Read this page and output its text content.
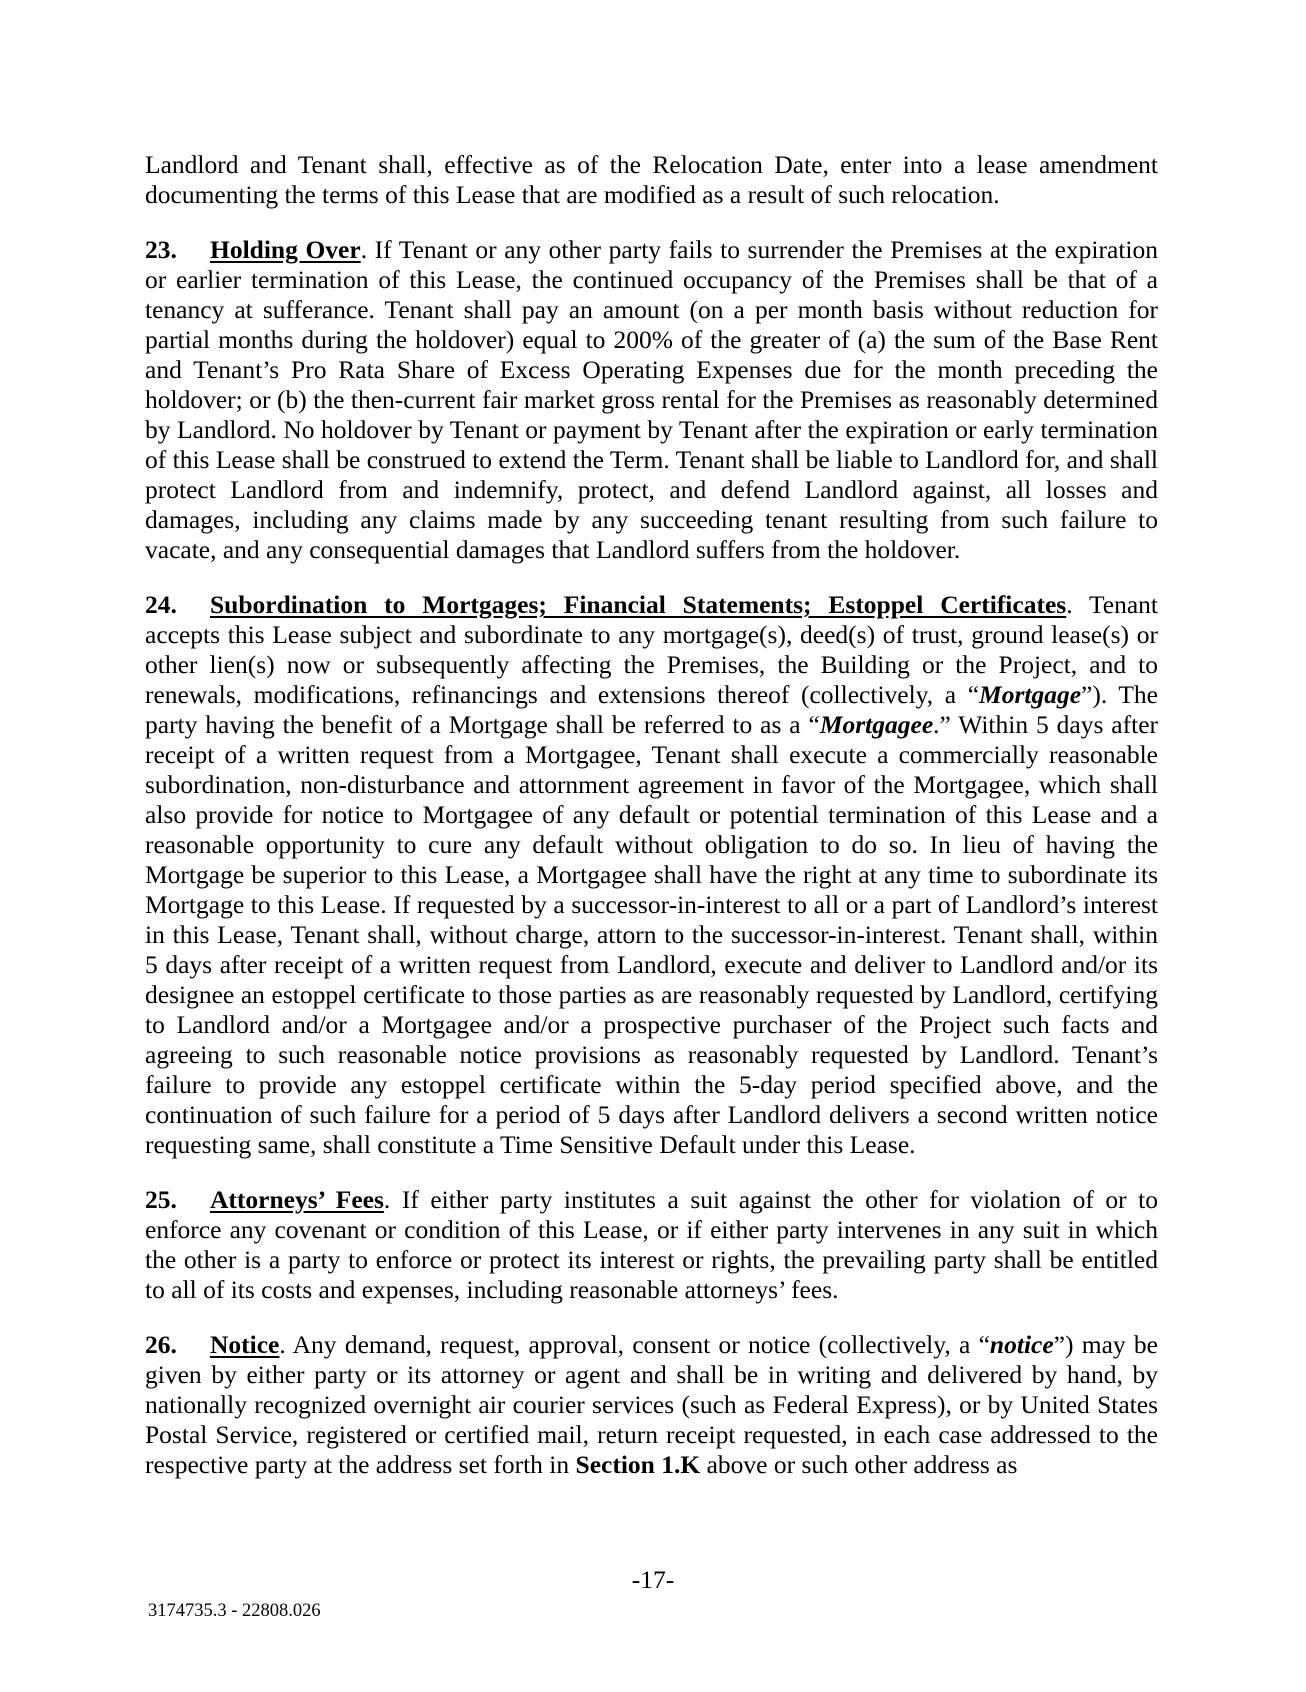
Landlord and Tenant shall, effective as of the Relocation Date, enter into a lease amendment documenting the terms of this Lease that are modified as a result of such relocation.

23. Holding Over. If Tenant or any other party fails to surrender the Premises at the expiration or earlier termination of this Lease, the continued occupancy of the Premises shall be that of a tenancy at sufferance. Tenant shall pay an amount (on a per month basis without reduction for partial months during the holdover) equal to 200% of the greater of (a) the sum of the Base Rent and Tenant’s Pro Rata Share of Excess Operating Expenses due for the month preceding the holdover; or (b) the then-current fair market gross rental for the Premises as reasonably determined by Landlord. No holdover by Tenant or payment by Tenant after the expiration or early termination of this Lease shall be construed to extend the Term. Tenant shall be liable to Landlord for, and shall protect Landlord from and indemnify, protect, and defend Landlord against, all losses and damages, including any claims made by any succeeding tenant resulting from such failure to vacate, and any consequential damages that Landlord suffers from the holdover.

24. Subordination to Mortgages; Financial Statements; Estoppel Certificates. Tenant accepts this Lease subject and subordinate to any mortgage(s), deed(s) of trust, ground lease(s) or other lien(s) now or subsequently affecting the Premises, the Building or the Project, and to renewals, modifications, refinancings and extensions thereof (collectively, a “Mortgage”). The party having the benefit of a Mortgage shall be referred to as a “Mortgagee.” Within 5 days after receipt of a written request from a Mortgagee, Tenant shall execute a commercially reasonable subordination, non-disturbance and attornment agreement in favor of the Mortgagee, which shall also provide for notice to Mortgagee of any default or potential termination of this Lease and a reasonable opportunity to cure any default without obligation to do so. In lieu of having the Mortgage be superior to this Lease, a Mortgagee shall have the right at any time to subordinate its Mortgage to this Lease. If requested by a successor-in-interest to all or a part of Landlord’s interest in this Lease, Tenant shall, without charge, attorn to the successor-in-interest. Tenant shall, within 5 days after receipt of a written request from Landlord, execute and deliver to Landlord and/or its designee an estoppel certificate to those parties as are reasonably requested by Landlord, certifying to Landlord and/or a Mortgagee and/or a prospective purchaser of the Project such facts and agreeing to such reasonable notice provisions as reasonably requested by Landlord. Tenant’s failure to provide any estoppel certificate within the 5-day period specified above, and the continuation of such failure for a period of 5 days after Landlord delivers a second written notice requesting same, shall constitute a Time Sensitive Default under this Lease.

25. Attorneys’ Fees. If either party institutes a suit against the other for violation of or to enforce any covenant or condition of this Lease, or if either party intervenes in any suit in which the other is a party to enforce or protect its interest or rights, the prevailing party shall be entitled to all of its costs and expenses, including reasonable attorneys’ fees.

26. Notice. Any demand, request, approval, consent or notice (collectively, a “notice”) may be given by either party or its attorney or agent and shall be in writing and delivered by hand, by nationally recognized overnight air courier services (such as Federal Express), or by United States Postal Service, registered or certified mail, return receipt requested, in each case addressed to the respective party at the address set forth in Section 1.K above or such other address as

-17-
3174735.3 - 22808.026
